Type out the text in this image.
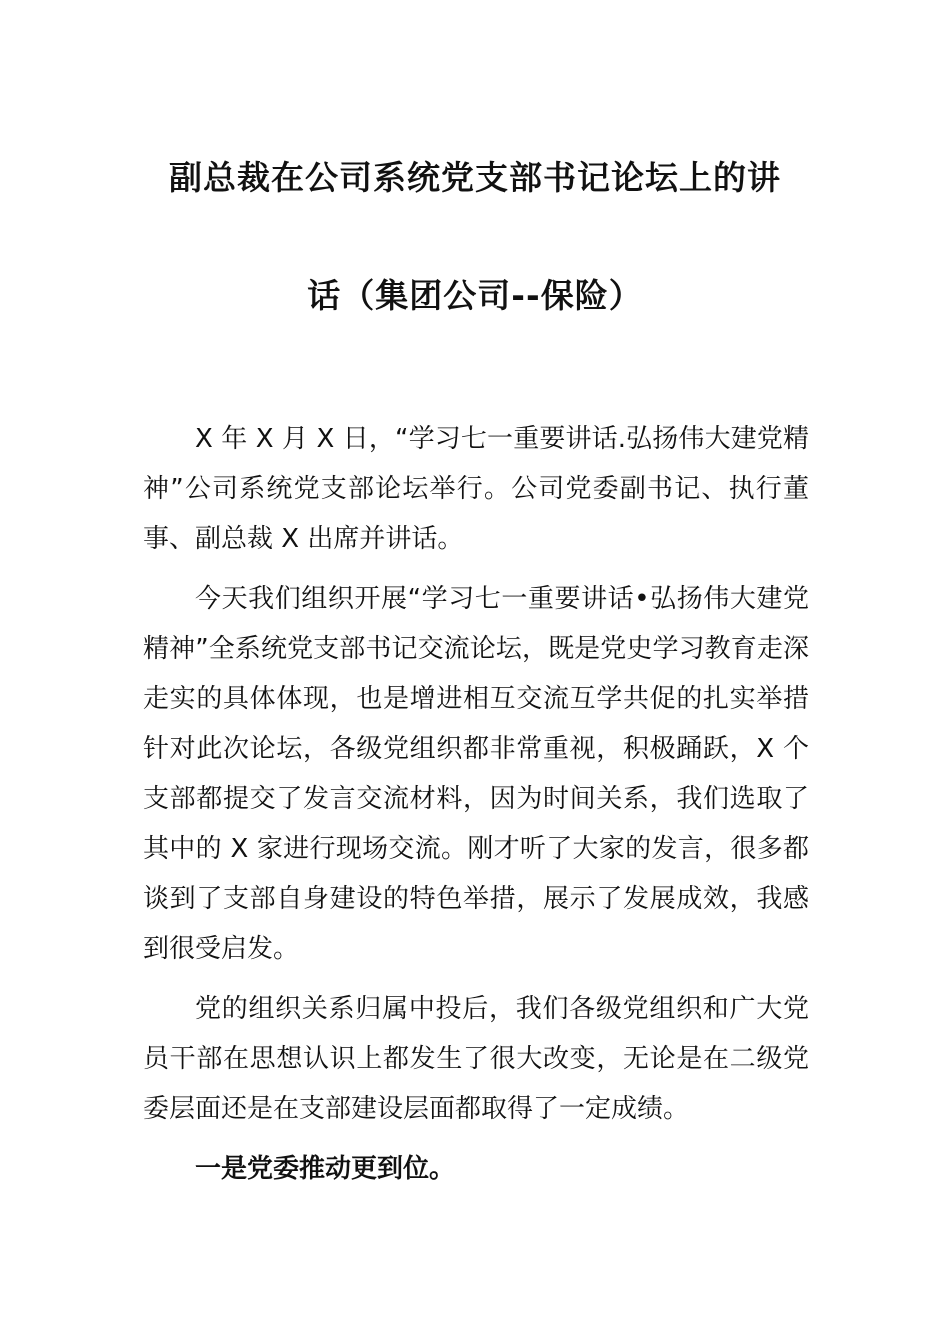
副总裁在公司系统党支部书记论坛上的讲
话（集团公司--保险）

X 年 X 月 X 日，“学习七一重要讲话.弘扬伟大建党精神”公司系统党支部论坛举行。公司党委副书记、执行董事、副总裁 X 出席并讲话。

今天我们组织开展“学习七一重要讲话•弘扬伟大建党精神”全系统党支部书记交流论坛，既是党史学习教育走深走实的具体体现，也是增进相互交流互学共促的扎实举措针对此次论坛，各级党组织都非常重视，积极踊跃，X 个支部都提交了发言交流材料，因为时间关系，我们选取了其中的 X 家进行现场交流。刚才听了大家的发言，很多都谈到了支部自身建设的特色举措，展示了发展成效，我感到很受启发。

党的组织关系归属中投后，我们各级党组织和广大党员干部在思想认识上都发生了很大改变，无论是在二级党委层面还是在支部建设层面都取得了一定成绩。

一是党委推动更到位。
